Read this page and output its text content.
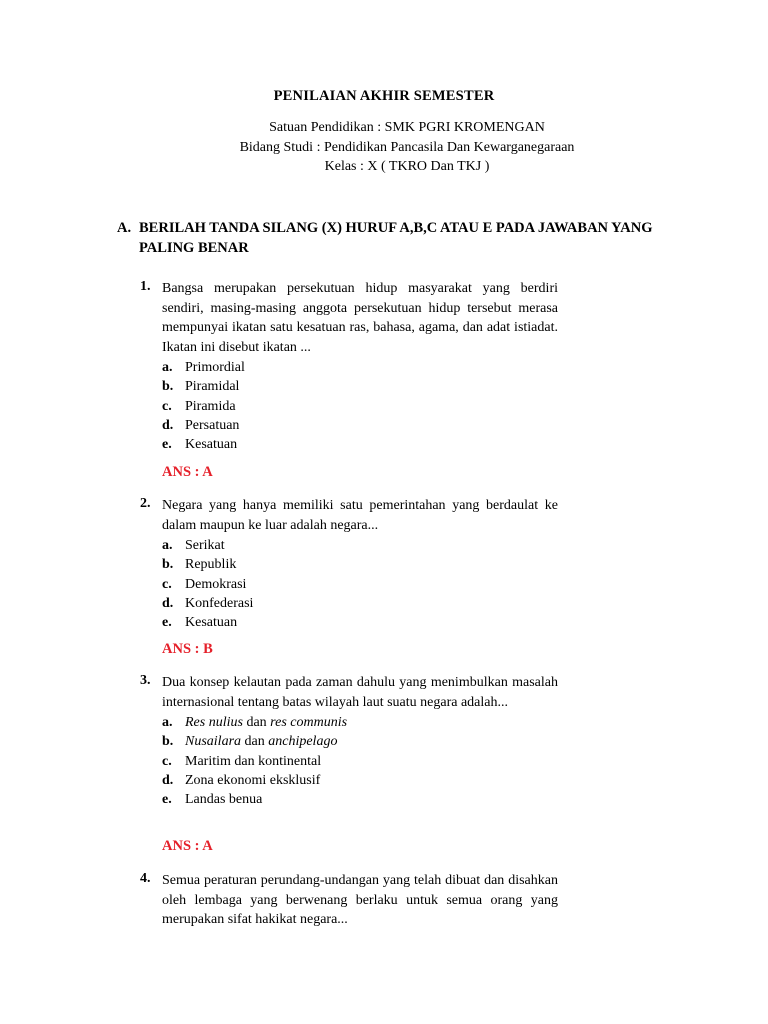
PENILAIAN AKHIR SEMESTER
Satuan Pendidikan : SMK PGRI KROMENGAN
Bidang Studi : Pendidikan Pancasila Dan Kewarganegaraan
Kelas : X ( TKRO Dan TKJ )
A. BERILAH TANDA SILANG (X) HURUF A,B,C ATAU E PADA JAWABAN YANG PALING BENAR
1. Bangsa merupakan persekutuan hidup masyarakat yang berdiri sendiri, masing-masing anggota persekutuan hidup tersebut merasa mempunyai ikatan satu kesatuan ras, bahasa, agama, dan adat istiadat. Ikatan ini disebut ikatan ...
a. Primordial
b. Piramidal
c. Piramida
d. Persatuan
e. Kesatuan
ANS : A
2. Negara yang hanya memiliki satu pemerintahan yang berdaulat ke dalam maupun ke luar adalah negara...
a. Serikat
b. Republik
c. Demokrasi
d. Konfederasi
e. Kesatuan
ANS : B
3. Dua konsep kelautan pada zaman dahulu yang menimbulkan masalah internasional tentang batas wilayah laut suatu negara adalah...
a. Res nulius dan res communis
b. Nusailara dan anchipelago
c. Maritim dan kontinental
d. Zona ekonomi eksklusif
e. Landas benua
ANS : A
4. Semua peraturan perundang-undangan yang telah dibuat dan disahkan oleh lembaga yang berwenang berlaku untuk semua orang yang merupakan sifat hakikat negara...
